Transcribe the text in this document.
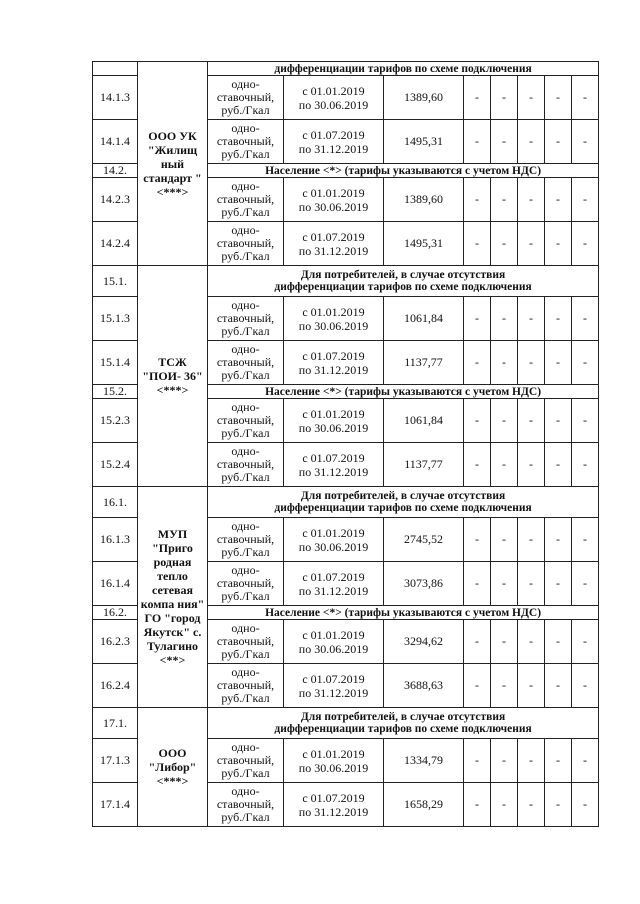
	ООО УК "Жилищ ный стандарт " <***>	дифференциации тарифов по схеме подключения							
14.1.3		одно-
ставочный,
руб./Гкал	с 01.01.2019
по 30.06.2019	1389,60	-	-	-	-	-
14.1.4		одно-
ставочный,
руб./Гкал	с 01.07.2019
по 31.12.2019	1495,31	-	-	-	-	-
14.2.		Население <*> (тарифы указываются с учетом НДС)							
14.2.3		одно-
ставочный,
руб./Гкал	с 01.01.2019
по 30.06.2019	1389,60	-	-	-	-	-
14.2.4		одно-
ставочный,
руб./Гкал	с 01.07.2019
по 31.12.2019	1495,31	-	-	-	-	-
15.1.	ТСЖ "ПОИ- 36" <***>	Для потребителей, в случае отсутствия
дифференциации тарифов по схеме подключения							
15.1.3		одно-
ставочный,
руб./Гкал	с 01.01.2019
по 30.06.2019	1061,84	-	-	-	-	-
15.1.4		одно-
ставочный,
руб./Гкал	с 01.07.2019
по 31.12.2019	1137,77	-	-	-	-	-
15.2.		Население <*> (тарифы указываются с учетом НДС)							
15.2.3		одно-
ставочный,
руб./Гкал	с 01.01.2019
по 30.06.2019	1061,84	-	-	-	-	-
15.2.4		одно-
ставочный,
руб./Гкал	с 01.07.2019
по 31.12.2019	1137,77	-	-	-	-	-
16.1.	МУП "Приго родная тепло сетевая компа ния" ГО "город Якутск" с. Тулагино <**>	Для потребителей, в случае отсутствия
дифференциации тарифов по схеме подключения							
16.1.3		одно-
ставочный,
руб./Гкал	с 01.01.2019
по 30.06.2019	2745,52	-	-	-	-	-
16.1.4		одно-
ставочный,
руб./Гкал	с 01.07.2019
по 31.12.2019	3073,86	-	-	-	-	-
16.2.		Население <*> (тарифы указываются с учетом НДС)							
16.2.3		одно-
ставочный,
руб./Гкал	с 01.01.2019
по 30.06.2019	3294,62	-	-	-	-	-
16.2.4		одно-
ставочный,
руб./Гкал	с 01.07.2019
по 31.12.2019	3688,63	-	-	-	-	-
17.1.	ООО "Либор" <***>	Для потребителей, в случае отсутствия
дифференциации тарифов по схеме подключения							
17.1.3		одно-
ставочный,
руб./Гкал	с 01.01.2019
по 30.06.2019	1334,79	-	-	-	-	-
17.1.4		одно-
ставочный,
руб./Гкал	с 01.07.2019
по 31.12.2019	1658,29	-	-	-	-	-
